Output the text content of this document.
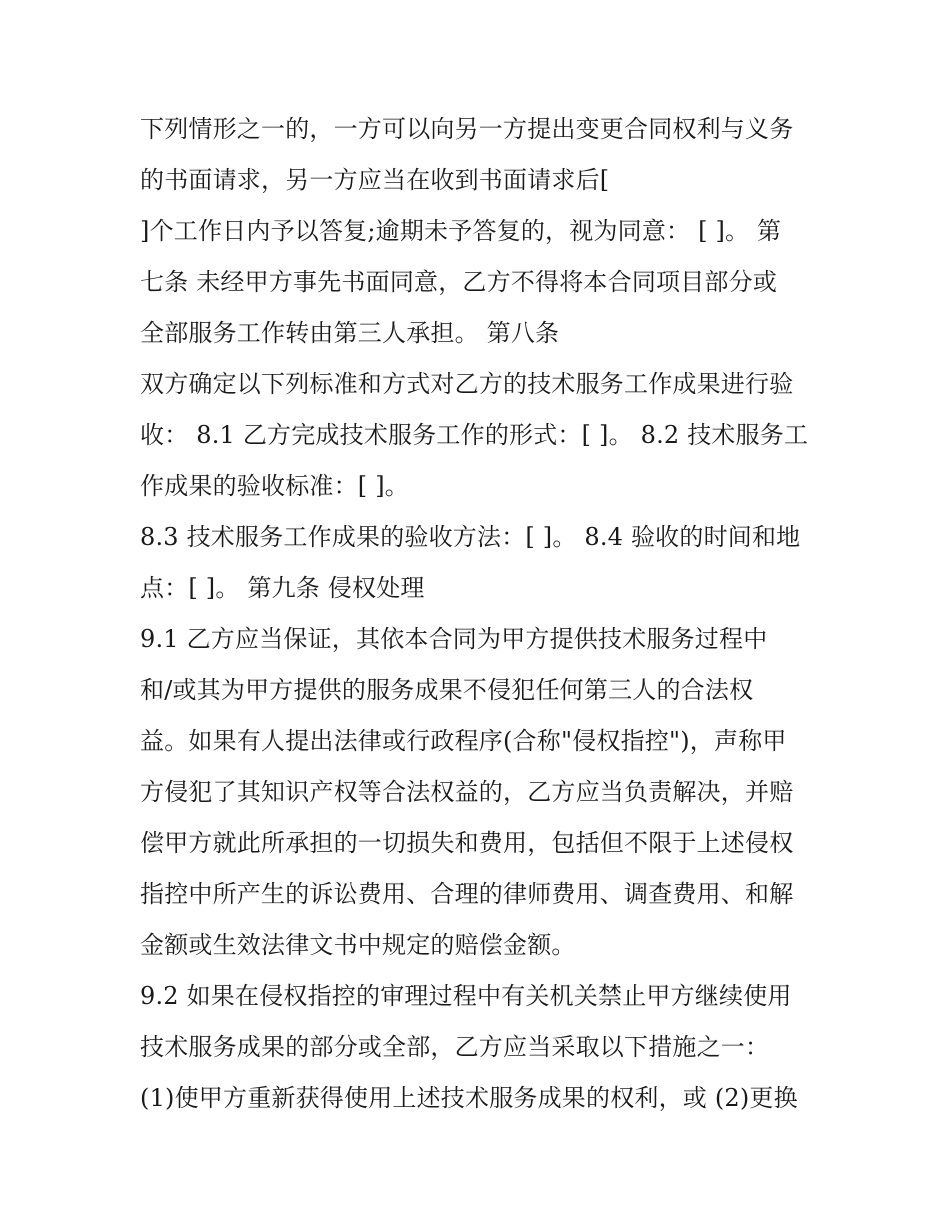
下列情形之一的，一方可以向另一方提出变更合同权利与义务
的书面请求，另一方应当在收到书面请求后[
]个工作日内予以答复;逾期未予答复的，视为同意： [ ]。 第
七条 未经甲方事先书面同意，乙方不得将本合同项目部分或
全部服务工作转由第三人承担。 第八条
双方确定以下列标准和方式对乙方的技术服务工作成果进行验
收： 8.1 乙方完成技术服务工作的形式：[ ]。 8.2 技术服务工
作成果的验收标准：[ ]。
8.3 技术服务工作成果的验收方法：[ ]。 8.4 验收的时间和地
点：[ ]。 第九条 侵权处理
9.1 乙方应当保证，其依本合同为甲方提供技术服务过程中
和/或其为甲方提供的服务成果不侵犯任何第三人的合法权
益。如果有人提出法律或行政程序(合称"侵权指控")，声称甲
方侵犯了其知识产权等合法权益的，乙方应当负责解决，并赔
偿甲方就此所承担的一切损失和费用，包括但不限于上述侵权
指控中所产生的诉讼费用、合理的律师费用、调查费用、和解
金额或生效法律文书中规定的赔偿金额。
9.2 如果在侵权指控的审理过程中有关机关禁止甲方继续使用
技术服务成果的部分或全部，乙方应当采取以下措施之一：
(1)使甲方重新获得使用上述技术服务成果的权利，或 (2)更换
